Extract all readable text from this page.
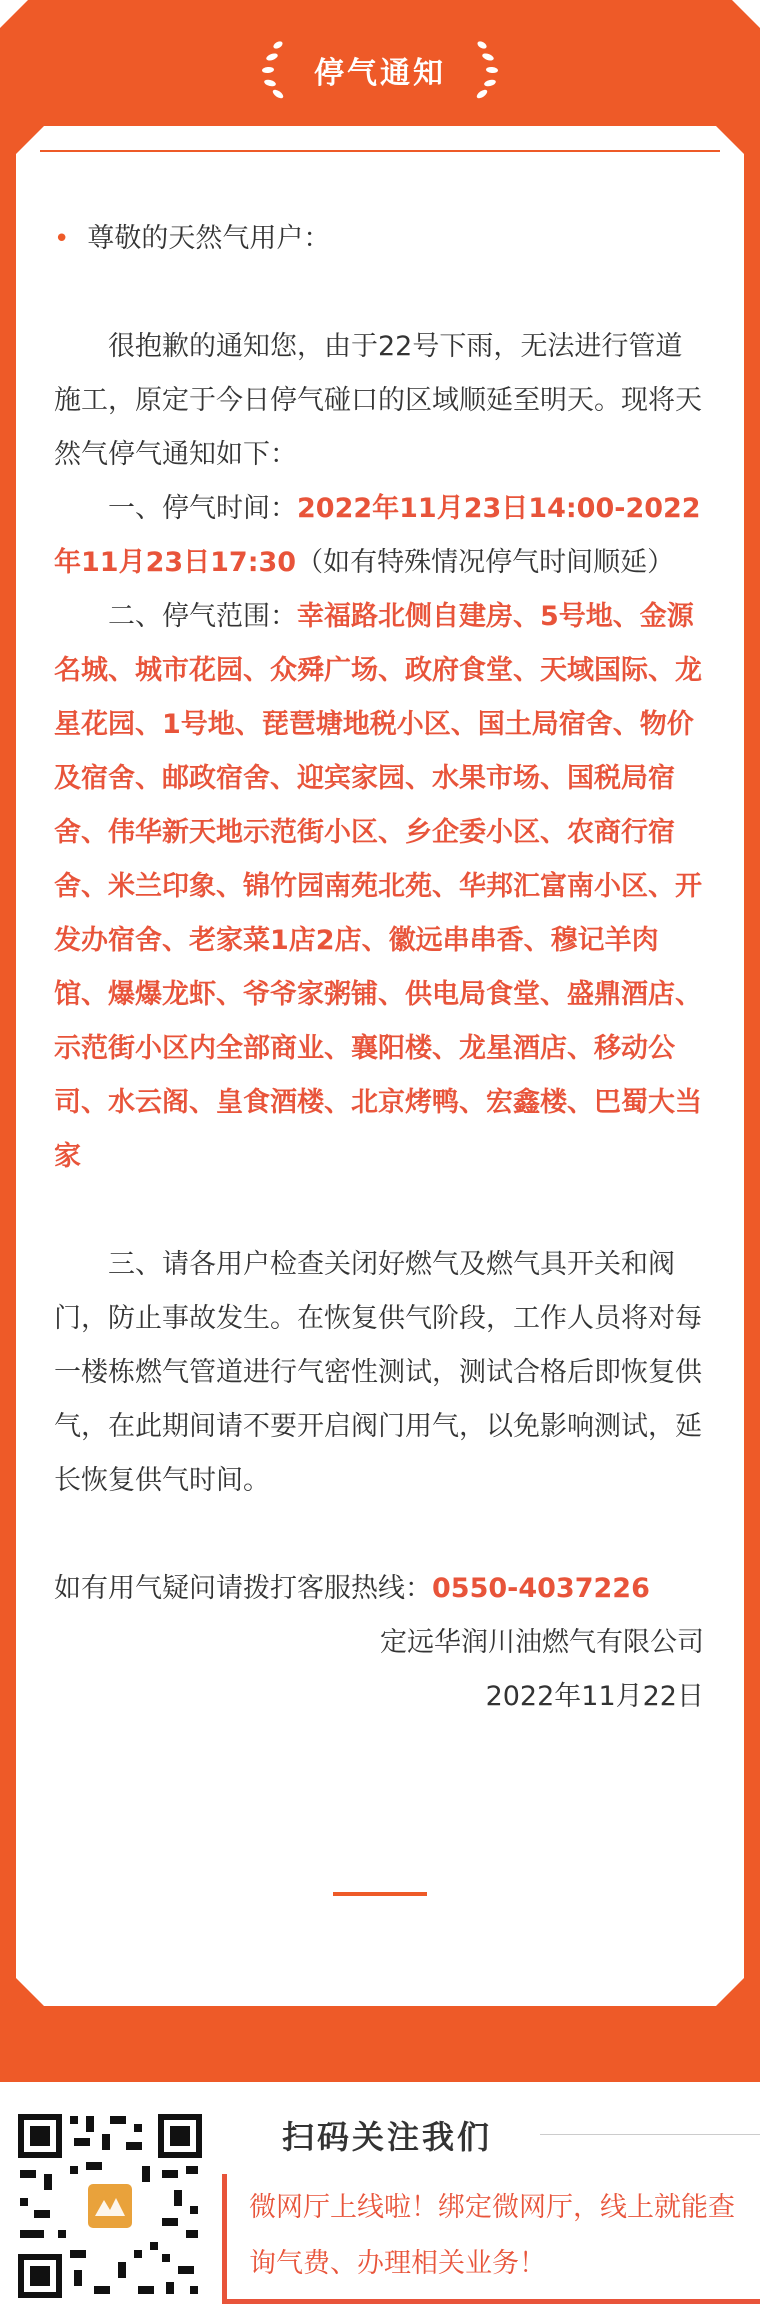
停气通知
• 尊敬的天然气用户：

很抱歉的通知您，由于22号下雨，无法进行管道施工，原定于今日停气碰口的区域顺延至明天。现将天然气停气通知如下：

一、停气时间：2022年11月23日14:00-2022年11月23日17:30（如有特殊情况停气时间顺延）

二、停气范围：幸福路北侧自建房、5号地、金源名城、城市花园、众舜广场、政府食堂、天域国际、龙星花园、1号地、琵琶塘地税小区、国土局宿舍、物价及宿舍、邮政宿舍、迎宾家园、水果市场、国税局宿舍、伟华新天地示范街小区、乡企委小区、农商行宿舍、米兰印象、锦竹园南苑北苑、华邦汇富南小区、开发办宿舍、老家菜1店2店、徽远串串香、穆记羊肉馆、爆爆龙虾、爷爷家粥铺、供电局食堂、盛鼎酒店、示范街小区内全部商业、襄阳楼、龙星酒店、移动公司、水云阁、皇食酒楼、北京烤鸭、宏鑫楼、巴蜀大当家

三、请各用户检查关闭好燃气及燃气具开关和阀门，防止事故发生。在恢复供气阶段，工作人员将对每一楼栋燃气管道进行气密性测试，测试合格后即恢复供气，在此期间请不要开启阀门用气，以免影响测试，延长恢复供气时间。

如有用气疑问请拨打客服热线：0550-4037226

定远华润川油燃气有限公司

2022年11月22日

扫码关注我们
微网厅上线啦！绑定微网厅，线上就能查询气费、办理相关业务！
